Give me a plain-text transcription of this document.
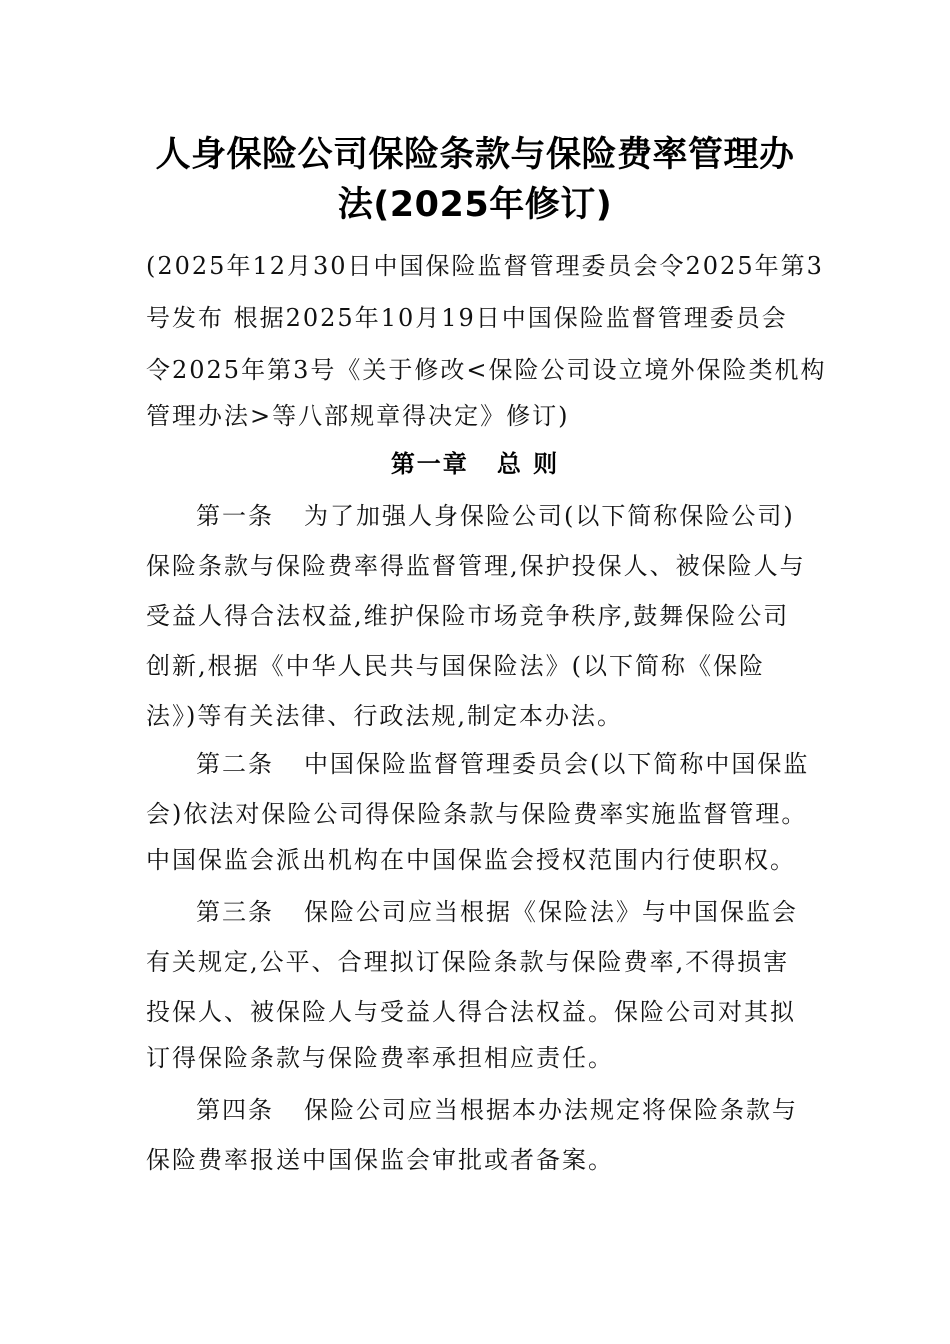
人身保险公司保险条款与保险费率管理办
法(2025年修订)
(2025年12月30日中国保险监督管理委员会令2025年第3
号发布 根据2025年10月19日中国保险监督管理委员会
令2025年第3号《关于修改<保险公司设立境外保险类机构
管理办法>等八部规章得决定》修订)
第一章 总 则
第一条 为了加强人身保险公司(以下简称保险公司)
保险条款与保险费率得监督管理,保护投保人、被保险人与
受益人得合法权益,维护保险市场竞争秩序,鼓舞保险公司
创新,根据《中华人民共与国保险法》(以下简称《保险
法》)等有关法律、行政法规,制定本办法。
第二条 中国保险监督管理委员会(以下简称中国保监
会)依法对保险公司得保险条款与保险费率实施监督管理。
中国保监会派出机构在中国保监会授权范围内行使职权。
第三条 保险公司应当根据《保险法》与中国保监会
有关规定,公平、合理拟订保险条款与保险费率,不得损害
投保人、被保险人与受益人得合法权益。保险公司对其拟
订得保险条款与保险费率承担相应责任。
第四条 保险公司应当根据本办法规定将保险条款与
保险费率报送中国保监会审批或者备案。
